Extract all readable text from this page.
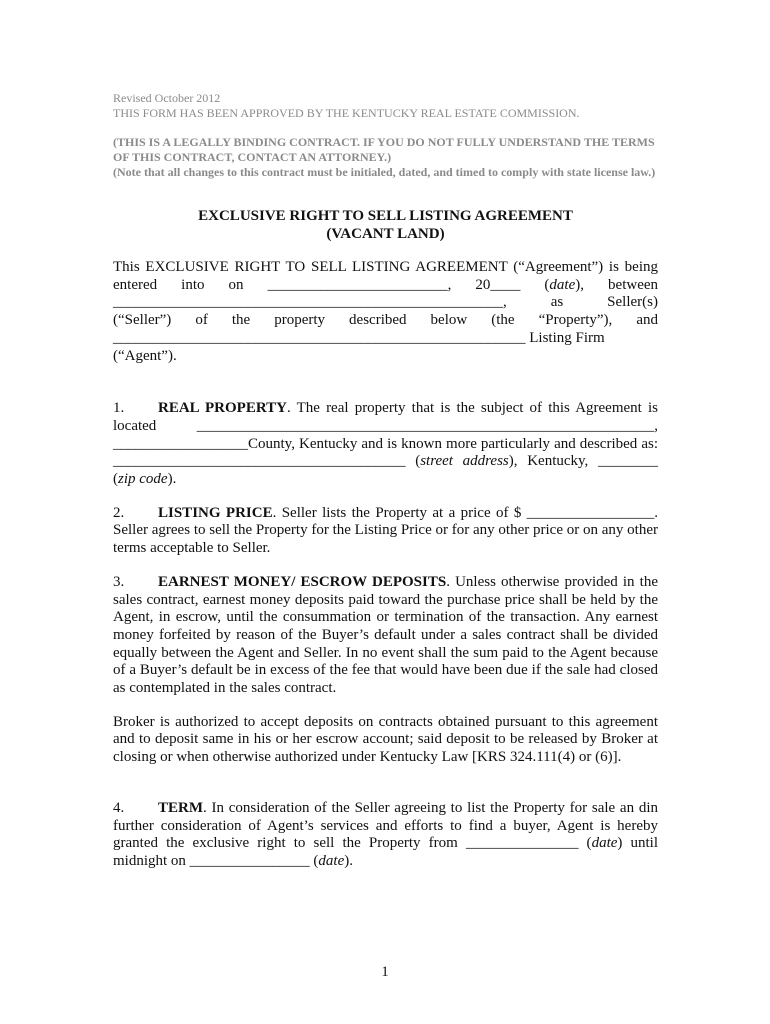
Revised October 2012
THIS FORM HAS BEEN APPROVED BY THE KENTUCKY REAL ESTATE COMMISSION.
(THIS IS A LEGALLY BINDING CONTRACT. IF YOU DO NOT FULLY UNDERSTAND THE TERMS OF THIS CONTRACT, CONTACT AN ATTORNEY.)
(Note that all changes to this contract must be initialed, dated, and timed to comply with state license law.)
EXCLUSIVE RIGHT TO SELL LISTING AGREEMENT
(VACANT LAND)
This EXCLUSIVE RIGHT TO SELL LISTING AGREEMENT (“Agreement”) is being
entered into on ________________________, 20____ (date), between
____________________________________________________, as Seller(s)
(“Seller”) of the property described below (the “Property”), and
_______________________________________________________ Listing Firm (“Agent”).
1. REAL PROPERTY. The real property that is the subject of this Agreement is located _____________________________________________________________, __________________County, Kentucky and is known more particularly and described as: _______________________________________ (street address), Kentucky, ________ (zip code).
2. LISTING PRICE. Seller lists the Property at a price of $ _________________. Seller agrees to sell the Property for the Listing Price or for any other price or on any other terms acceptable to Seller.
3. EARNEST MONEY/ ESCROW DEPOSITS. Unless otherwise provided in the sales contract, earnest money deposits paid toward the purchase price shall be held by the Agent, in escrow, until the consummation or termination of the transaction. Any earnest money forfeited by reason of the Buyer’s default under a sales contract shall be divided equally between the Agent and Seller. In no event shall the sum paid to the Agent because of a Buyer’s default be in excess of the fee that would have been due if the sale had closed as contemplated in the sales contract.
Broker is authorized to accept deposits on contracts obtained pursuant to this agreement and to deposit same in his or her escrow account; said deposit to be released by Broker at closing or when otherwise authorized under Kentucky Law [KRS 324.111(4) or (6)].
4. TERM. In consideration of the Seller agreeing to list the Property for sale an din further consideration of Agent’s services and efforts to find a buyer, Agent is hereby granted the exclusive right to sell the Property from _______________ (date) until midnight on ________________ (date).
1
